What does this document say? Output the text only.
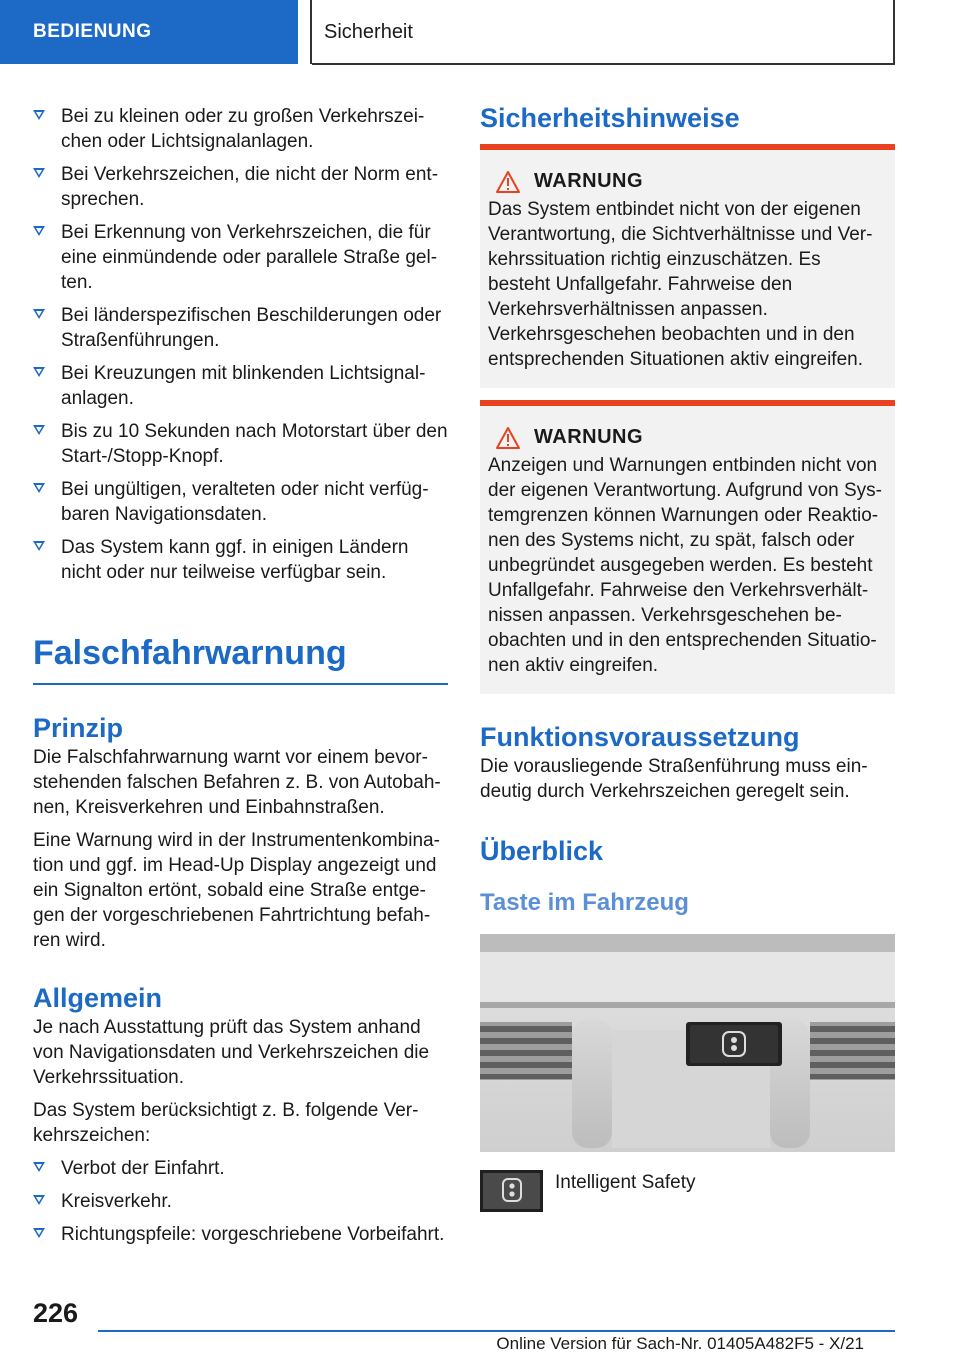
BEDIENUNG	Sicherheit
Bei zu kleinen oder zu großen Verkehrszeichen oder Lichtsignalanlagen.
Bei Verkehrszeichen, die nicht der Norm entsprechen.
Bei Erkennung von Verkehrszeichen, die für eine einmündende oder parallele Straße gelten.
Bei länderspezifischen Beschilderungen oder Straßenführungen.
Bei Kreuzungen mit blinkenden Lichtsignalanlagen.
Bis zu 10 Sekunden nach Motorstart über den Start-/Stopp-Knopf.
Bei ungültigen, veralteten oder nicht verfügbaren Navigationsdaten.
Das System kann ggf. in einigen Ländern nicht oder nur teilweise verfügbar sein.
Falschfahrwarnung
Prinzip

Die Falschfahrwarnung warnt vor einem bevorstehenden falschen Befahren z. B. von Autobahnen, Kreisverkehren und Einbahnstraßen.

Eine Warnung wird in der Instrumentenkombination und ggf. im Head-Up Display angezeigt und ein Signalton ertönt, sobald eine Straße entgegen der vorgeschriebenen Fahrtrichtung befahren wird.

Allgemein

Je nach Ausstattung prüft das System anhand von Navigationsdaten und Verkehrszeichen die Verkehrssituation.

Das System berücksichtigt z. B. folgende Verkehrszeichen:

Verbot der Einfahrt.
Kreisverkehr.
Richtungspfeile: vorgeschriebene Vorbeifahrt.
Sicherheitshinweise
WARNUNG

Das System entbindet nicht von der eigenen Verantwortung, die Sichtverhältnisse und Verkehrssituation richtig einzuschätzen. Es besteht Unfallgefahr. Fahrweise den Verkehrsverhältnissen anpassen. Verkehrsgeschehen beobachten und in den entsprechenden Situationen aktiv eingreifen.

WARNUNG

Anzeigen und Warnungen entbinden nicht von der eigenen Verantwortung. Aufgrund von Systemgrenzen können Warnungen oder Reaktionen des Systems nicht, zu spät, falsch oder unbegründet ausgegeben werden. Es besteht Unfallgefahr. Fahrweise den Verkehrsverhältnissen anpassen. Verkehrsgeschehen beobachten und in den entsprechenden Situationen aktiv eingreifen.

Funktionsvoraussetzung

Die vorausliegende Straßenführung muss eindeutig durch Verkehrszeichen geregelt sein.

Überblick
Taste im Fahrzeug
Intelligent Safety
226
Online Version für Sach-Nr. 01405A482F5 - X/21
